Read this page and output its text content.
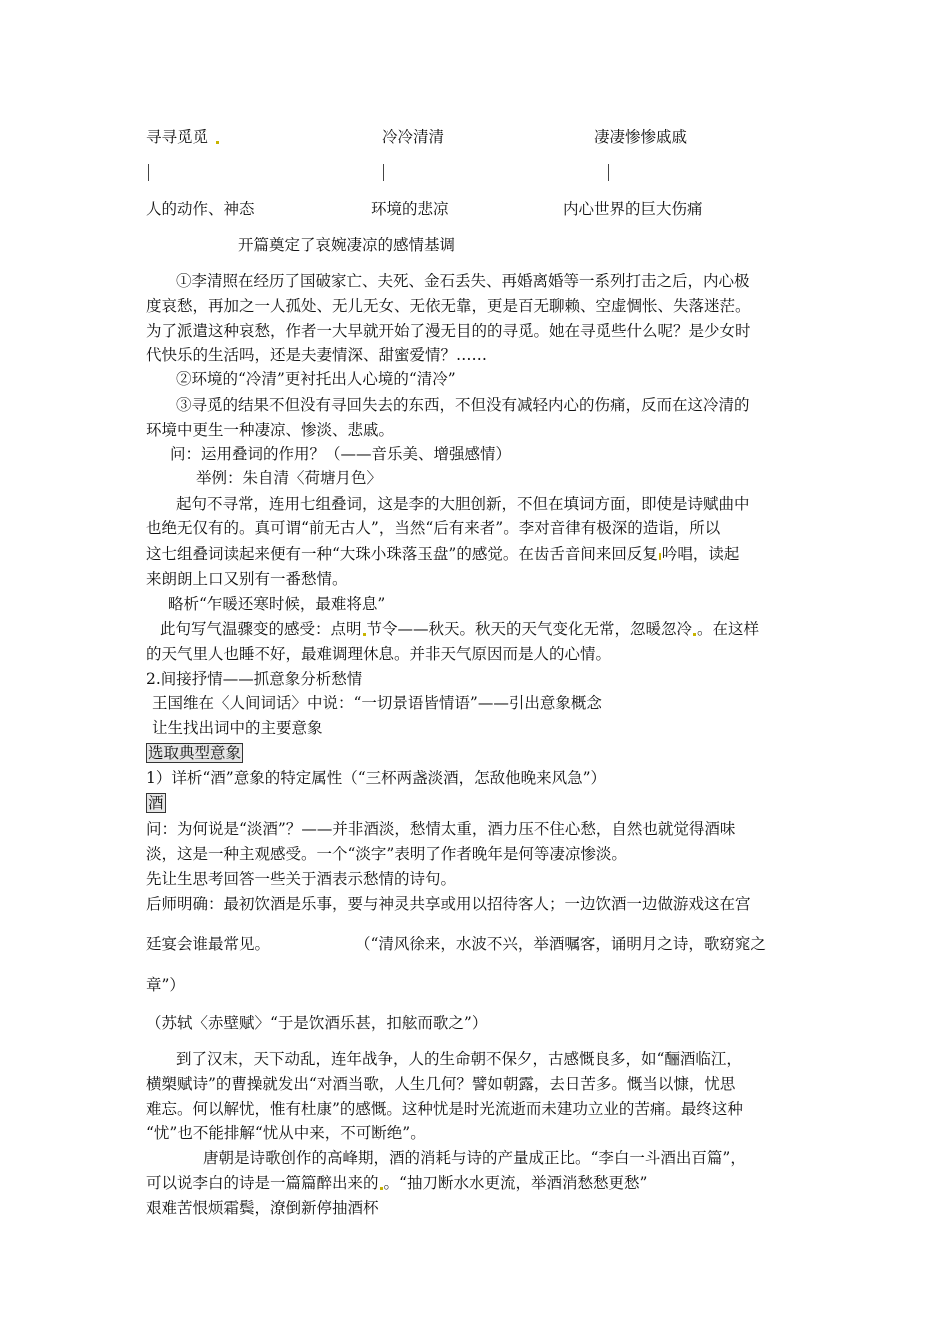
寻寻觅觅	冷冷清清	凄凄惨惨戚戚
人的动作、神态	环境的悲凉	内心世界的巨大伤痛
开篇奠定了哀婉凄凉的感情基调
①李清照在经历了国破家亡、夫死、金石丢失、再婚离婚等一系列打击之后，内心极
度哀愁，再加之一人孤处、无儿无女、无依无靠，更是百无聊赖、空虚惆怅、失落迷茫。
为了派遣这种哀愁，作者一大早就开始了漫无目的的寻觅。她在寻觅些什么呢？是少女时
代快乐的生活吗，还是夫妻情深、甜蜜爱情？……
②环境的“冷清”更衬托出人心境的“清冷”
③寻觅的结果不但没有寻回失去的东西，不但没有减轻内心的伤痛，反而在这冷清的
环境中更生一种凄凉、惨淡、悲戚。
问：运用叠词的作用？（——音乐美、增强感情）
举例：朱自清〈荷塘月色〉
起句不寻常，连用七组叠词，这是李的大胆创新，不但在填词方面，即使是诗赋曲中
也绝无仅有的。真可谓“前无古人”，当然“后有来者”。李对音律有极深的造诣，所以
这七组叠词读起来便有一种“大珠小珠落玉盘”的感觉。在齿舌音间来回反复 吟唱，读起
来朗朗上口又别有一番愁情。
略析“乍暖还寒时候，最难将息”
此句写气温骤变的感受：点明 节令——秋天。秋天的天气变化无常，忽暖忽冷 。在这样
的天气里人也睡不好，最难调理休息。并非天气原因而是人的心情。
2.间接抒情——抓意象分析愁情
王国维在〈人间词话〉中说：“一切景语皆情语”——引出意象概念
让生找出词中的主要意象
选取典型意象
1）详析“酒”意象的特定属性（“三杯两盏淡酒，怎敌他晚来风急”）
酒
问：为何说是“淡酒”？——并非酒淡，愁情太重，酒力压不住心愁，自然也就觉得酒味
淡，这是一种主观感受。一个“淡字”表明了作者晚年是何等凄凉惨淡。
先让生思考回答一些关于酒表示愁情的诗句。
后师明确：最初饮酒是乐事，要与神灵共享或用以招待客人；一边饮酒一边做游戏这在宫
廷宴会谁最常见。	（“清风徐来，水波不兴，举酒嘱客，诵明月之诗，歌窈窕之
章”）
（苏轼〈赤壁赋〉“于是饮酒乐甚，扣舷而歌之”）
到了汉末，天下动乱，连年战争，人的生命朝不保夕，古感慨良多，如“酾酒临江，
横槊赋诗”的曹操就发出“对酒当歌，人生几何？譬如朝露，去日苦多。慨当以慷，忧思
难忘。何以解忧，惟有杜康”的感慨。这种忧是时光流逝而未建功立业的苦痛。最终这种
“忧”也不能排解“忧从中来，不可断绝”。
唐朝是诗歌创作的高峰期，酒的消耗与诗的产量成正比。“李白一斗酒出百篇”，
可以说李白的诗是一篇篇醉出来的 。“抽刀断水水更流，举酒消愁愁更愁”
艰难苦恨烦霜鬓，潦倒新停抽酒杯
